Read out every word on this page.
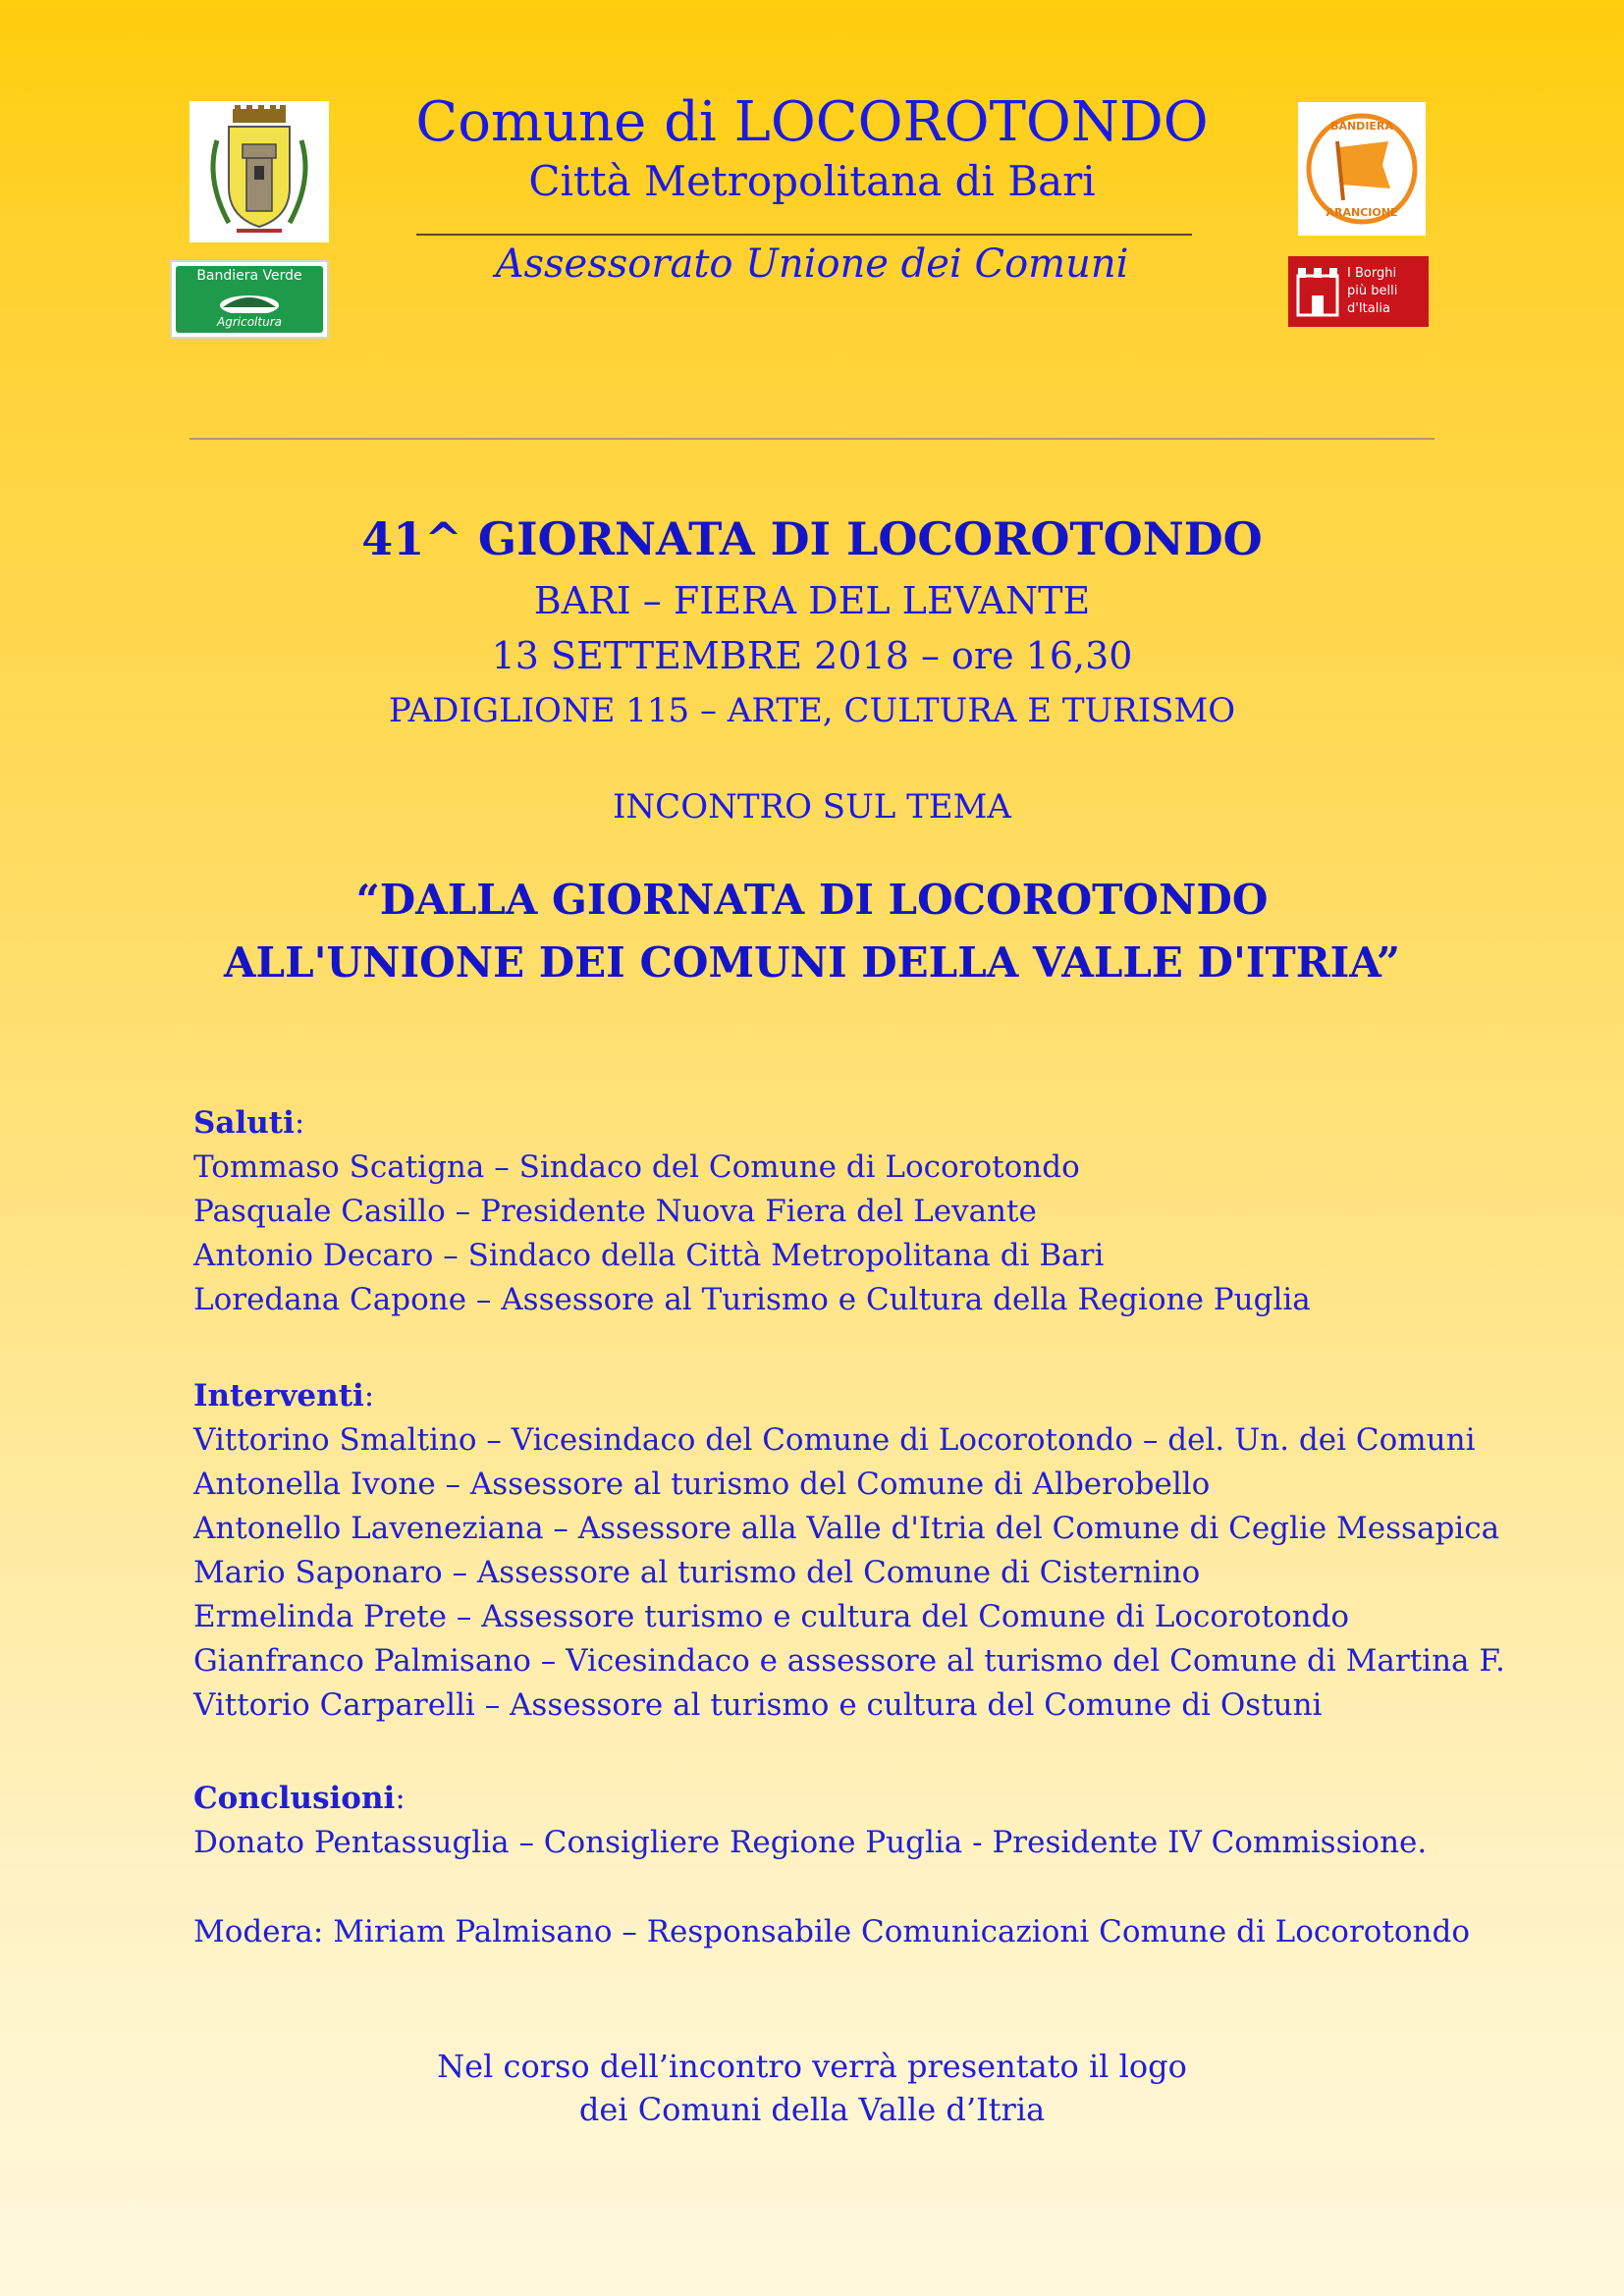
Bandiera Verde
Agricoltura
BANDIERA
ARANCIONE
I Borghi
più belli
d'Italia
Comune di LOCOROTONDO
Città Metropolitana di Bari
Assessorato Unione dei Comuni
41^ GIORNATA DI LOCOROTONDO
BARI – FIERA DEL LEVANTE
13 SETTEMBRE 2018 – ore 16,30
PADIGLIONE 115 – ARTE, CULTURA E TURISMO
INCONTRO SUL TEMA
“DALLA GIORNATA DI LOCOROTONDO
ALL'UNIONE DEI COMUNI DELLA VALLE D'ITRIA”
Saluti:
Tommaso Scatigna – Sindaco del Comune di Locorotondo
Pasquale Casillo – Presidente Nuova Fiera del Levante
Antonio Decaro – Sindaco della Città Metropolitana di Bari
Loredana Capone – Assessore al Turismo e Cultura della Regione Puglia
Interventi:
Vittorino Smaltino – Vicesindaco del Comune di Locorotondo – del. Un. dei Comuni
Antonella Ivone – Assessore al turismo del Comune di Alberobello
Antonello Laveneziana – Assessore alla Valle d'Itria del Comune di Ceglie Messapica
Mario Saponaro – Assessore al turismo del Comune di Cisternino
Ermelinda Prete – Assessore turismo e cultura del Comune di Locorotondo
Gianfranco Palmisano – Vicesindaco e assessore al turismo del Comune di Martina F.
Vittorio Carparelli – Assessore al turismo e cultura del Comune di Ostuni
Conclusioni:
Donato Pentassuglia – Consigliere Regione Puglia - Presidente IV Commissione.
Modera: Miriam Palmisano – Responsabile Comunicazioni Comune di Locorotondo
Nel corso dell’incontro verrà presentato il logo
dei Comuni della Valle d’Itria
